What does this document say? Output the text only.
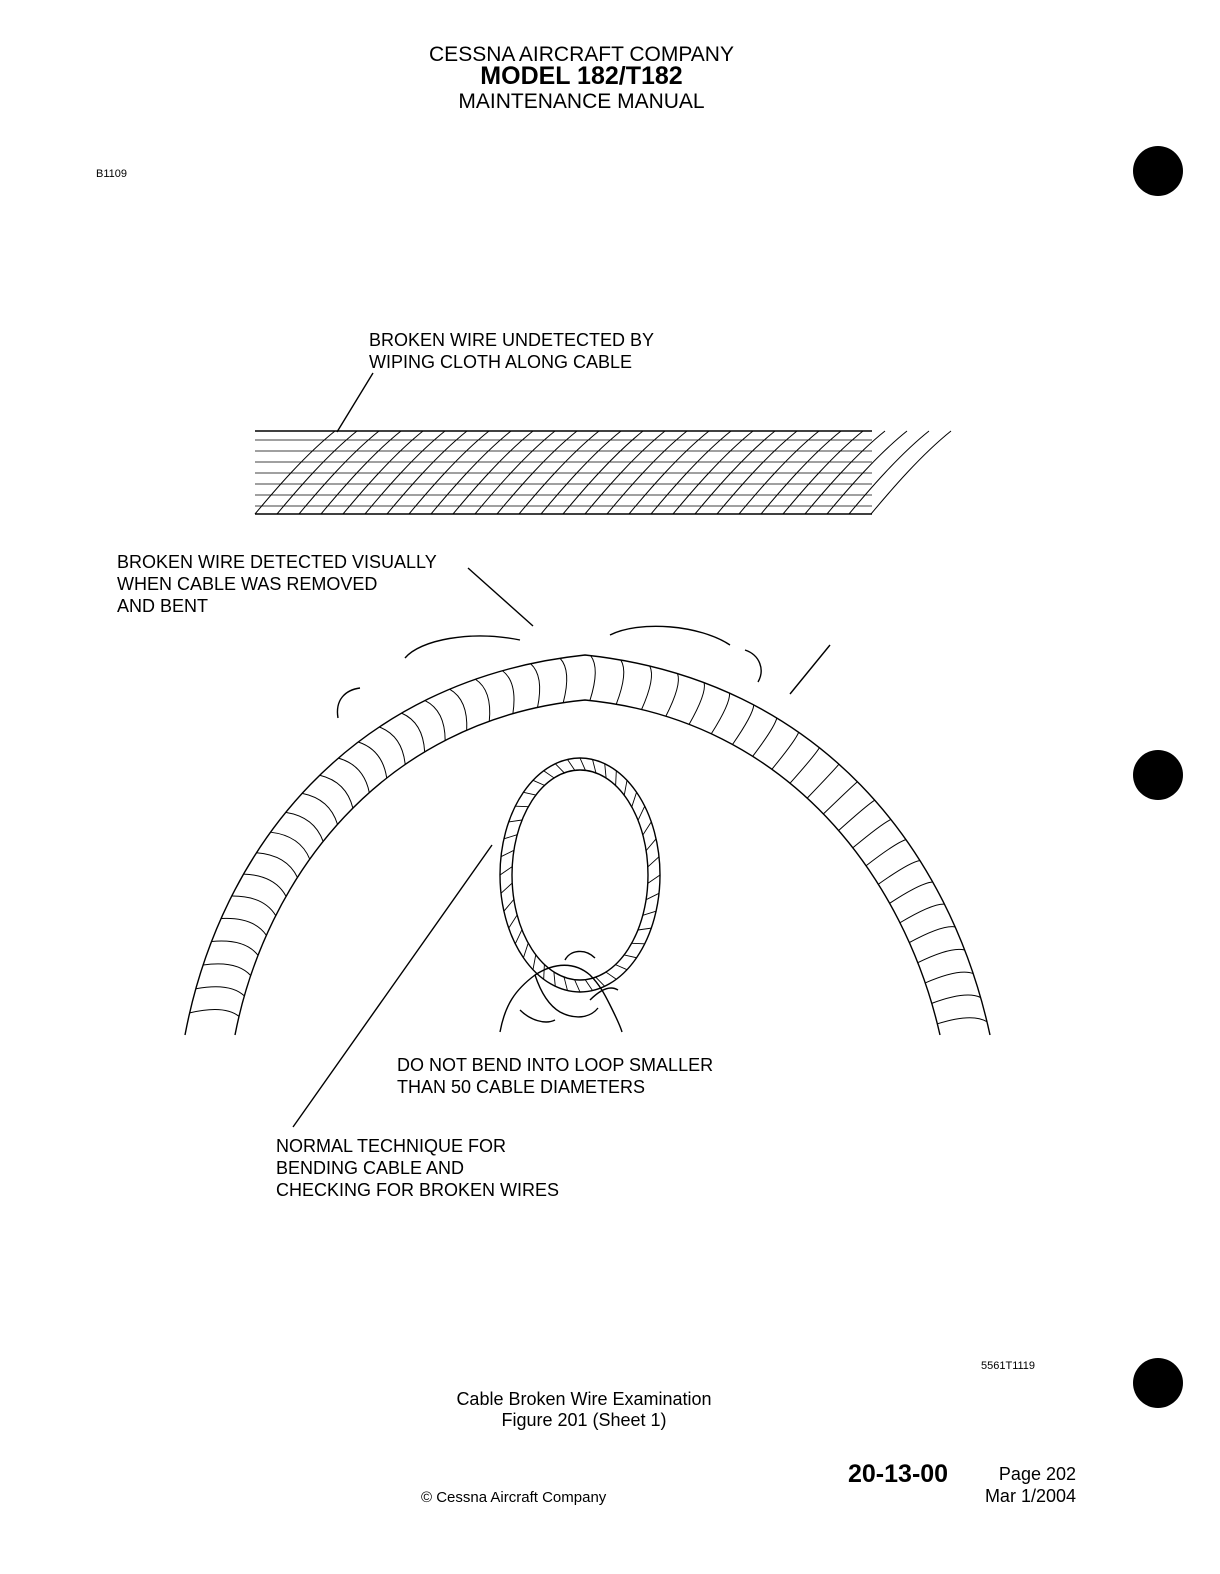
CESSNA AIRCRAFT COMPANY
MODEL 182/T182
MAINTENANCE MANUAL
B1109
BROKEN WIRE UNDETECTED BY
WIPING CLOTH ALONG CABLE
BROKEN WIRE DETECTED VISUALLY
WHEN CABLE WAS REMOVED
AND BENT
DO NOT BEND INTO LOOP SMALLER
THAN 50 CABLE DIAMETERS
NORMAL TECHNIQUE FOR
BENDING CABLE AND
CHECKING FOR BROKEN WIRES
5561T1119
Cable Broken Wire Examination
Figure 201 (Sheet 1)
20-13-00	Page 202
Mar 1/2004
© Cessna Aircraft Company
